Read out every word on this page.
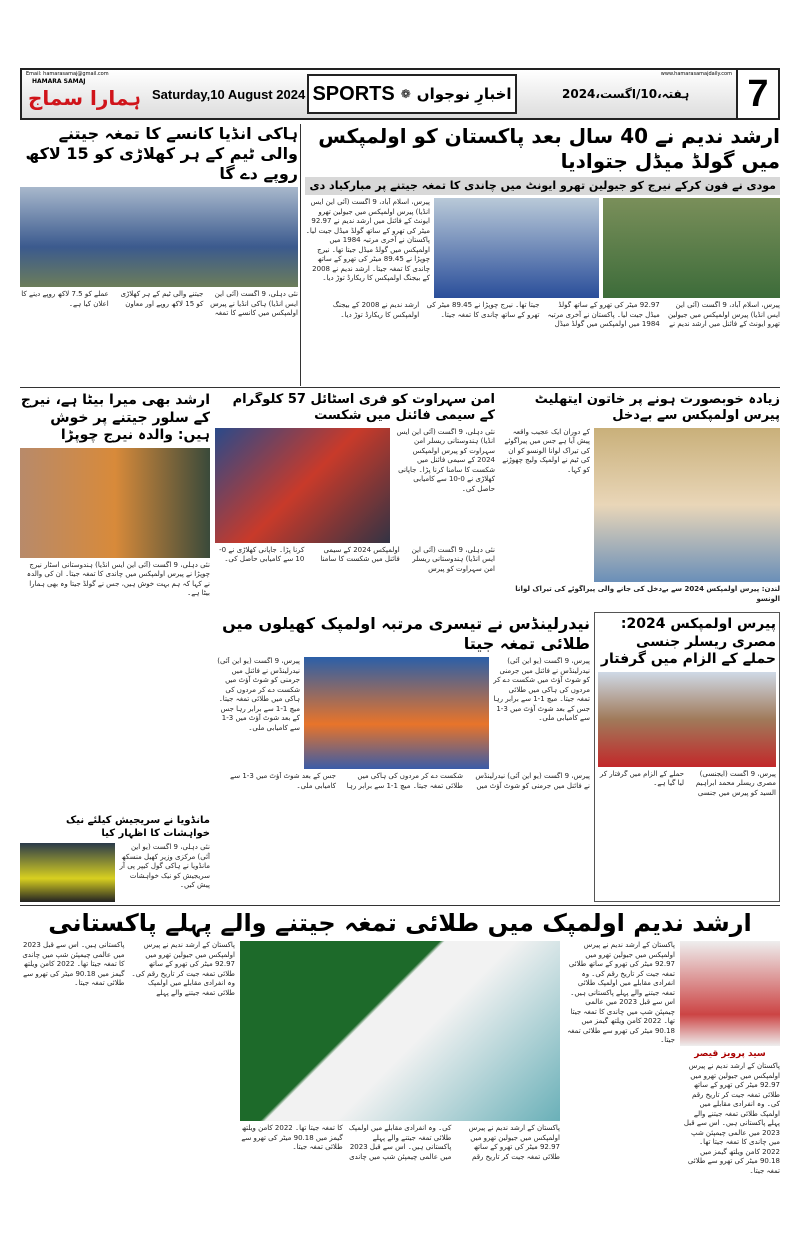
Email: hamarasamaj@gmail.com
HAMARA SAMAJ
ہمارا سماج Saturday,10 August 2024 SPORTS ❁ اخبارِ نوجواں	ہفتہ،10/اگست،2024
www.hamarasamajdaily.com 7
ارشد ندیم نے 40 سال بعد پاکستان کو اولمپکس میں گولڈ میڈل جتوادیا
مودی نے فون کرکے نیرج کو جیولین تھرو ایونٹ میں چاندی کا تمغہ جیتنے پر مبارکباد دی
پیرس، اسلام آباد، 9 اگست (آئی این ایس انڈیا) پیرس اولمپکس میں جیولین تھرو ایونٹ کے فائنل میں ارشد ندیم نے 92.97 میٹر کی تھرو کے ساتھ گولڈ میڈل جیت لیا۔ پاکستان نے آخری مرتبہ 1984 میں اولمپکس میں گولڈ میڈل جیتا تھا۔ نیرج چوپڑا نے 89.45 میٹر کی تھرو کے ساتھ چاندی کا تمغہ جیتا۔ ارشد ندیم نے 2008 کے بیجنگ اولمپکس کا ریکارڈ توڑ دیا۔
پیرس، اسلام آباد، 9 اگست (آئی این ایس انڈیا) پیرس اولمپکس میں جیولین تھرو ایونٹ کے فائنل میں ارشد ندیم نے 92.97 میٹر کی تھرو کے ساتھ گولڈ میڈل جیت لیا۔ پاکستان نے آخری مرتبہ 1984 میں اولمپکس میں گولڈ میڈل جیتا تھا۔ نیرج چوپڑا نے 89.45 میٹر کی تھرو کے ساتھ چاندی کا تمغہ جیتا۔ ارشد ندیم نے 2008 کے بیجنگ اولمپکس کا ریکارڈ توڑ دیا۔
ہاکی انڈیا کانسے کا تمغہ جیتنے والی ٹیم کے ہر کھلاڑی کو 15 لاکھ روپے دے گا
نئی دہلی، 9 اگست (آئی این ایس انڈیا) ہاکی انڈیا نے پیرس اولمپکس میں کانسے کا تمغہ جیتنے والی ٹیم کے ہر کھلاڑی کو 15 لاکھ روپے اور معاون عملے کو 7.5 لاکھ روپے دینے کا اعلان کیا ہے۔
زیادہ خوبصورت ہونے پر خاتون ایتھلیٹ پیرس اولمپکس سے بےدخل
کے دوران ایک عجیب واقعہ پیش آیا ہے جس میں پیراگوئے کی تیراک لوانا الونسو کو ان کی ٹیم نے اولمپک ولیج چھوڑنے کو کہا۔
لندن: پیرس اولمپکس 2024 سے بےدخل کی جانے والی پیراگوئے کی تیراک لوانا الونسو
امن سہراوت کو فری اسٹائل 57 کلوگرام کے سیمی فائنل میں شکست
نئی دہلی، 9 اگست (آئی این ایس انڈیا) ہندوستانی ریسلر امن سہراوت کو پیرس اولمپکس 2024 کے سیمی فائنل میں شکست کا سامنا کرنا پڑا۔ جاپانی کھلاڑی نے 0-10 سے کامیابی حاصل کی۔
نئی دہلی، 9 اگست (آئی این ایس انڈیا) ہندوستانی ریسلر امن سہراوت کو پیرس اولمپکس 2024 کے سیمی فائنل میں شکست کا سامنا کرنا پڑا۔ جاپانی کھلاڑی نے 0-10 سے کامیابی حاصل کی۔
ارشد بھی میرا بیٹا ہے، نیرج کے سلور جیتنے پر خوش ہیں: والدہ نیرج چوپڑا
نئی دہلی، 9 اگست (آئی این ایس انڈیا) ہندوستانی اسٹار نیرج چوپڑا نے پیرس اولمپکس میں چاندی کا تمغہ جیتا۔ ان کی والدہ نے کہا کہ ہم بہت خوش ہیں، جس نے گولڈ جیتا وہ بھی ہمارا بیٹا ہے۔
نیدرلینڈس نے تیسری مرتبہ اولمپک کھیلوں میں طلائی تمغہ جیتا
پیرس، 9 اگست (یو این آئی) نیدرلینڈس نے فائنل میں جرمنی کو شوٹ آؤٹ میں شکست دے کر مردوں کی ہاکی میں طلائی تمغہ جیتا۔ میچ 1-1 سے برابر رہا جس کے بعد شوٹ آؤٹ میں 3-1 سے کامیابی ملی۔
پیرس، 9 اگست (یو این آئی) نیدرلینڈس نے فائنل میں جرمنی کو شوٹ آؤٹ میں شکست دے کر مردوں کی ہاکی میں طلائی تمغہ جیتا۔ میچ 1-1 سے برابر رہا جس کے بعد شوٹ آؤٹ میں 3-1 سے کامیابی ملی۔
پیرس، 9 اگست (یو این آئی) نیدرلینڈس نے فائنل میں جرمنی کو شوٹ آؤٹ میں شکست دے کر مردوں کی ہاکی میں طلائی تمغہ جیتا۔ میچ 1-1 سے برابر رہا جس کے بعد شوٹ آؤٹ میں 3-1 سے کامیابی ملی۔
پیرس اولمپکس 2024: مصری ریسلر جنسی حملے کے الزام میں گرفتار
پیرس، 9 اگست (ایجنسی) مصری ریسلر محمد ابراہیم السید کو پیرس میں جنسی حملے کے الزام میں گرفتار کر لیا گیا ہے۔
مانڈویا نے سریجیش کیلئے نیک خواہشات کا اظہار کیا
نئی دہلی، 9 اگست (یو این آئی) مرکزی وزیر کھیل منسکھ مانڈویا نے ہاکی گول کیپر پی آر سریجیش کو نیک خواہشات پیش کیں۔
ارشد ندیم اولمپک میں طلائی تمغہ جیتنے والے پہلے پاکستانی
پاکستان کے ارشد ندیم نے پیرس اولمپکس میں جیولین تھرو میں 92.97 میٹر کی تھرو کے ساتھ طلائی تمغہ جیت کر تاریخ رقم کی۔ وہ انفرادی مقابلے میں اولمپک طلائی تمغہ جیتنے والے پہلے پاکستانی ہیں۔ اس سے قبل 2023 میں عالمی چیمپئن شپ میں چاندی کا تمغہ جیتا تھا۔ 2022 کامن ویلتھ گیمز میں 90.18 میٹر کی تھرو سے طلائی تمغہ جیتا۔
پاکستان کے ارشد ندیم نے پیرس اولمپکس میں جیولین تھرو میں 92.97 میٹر کی تھرو کے ساتھ طلائی تمغہ جیت کر تاریخ رقم کی۔ وہ انفرادی مقابلے میں اولمپک طلائی تمغہ جیتنے والے پہلے پاکستانی ہیں۔ اس سے قبل 2023 میں عالمی چیمپئن شپ میں چاندی کا تمغہ جیتا تھا۔ 2022 کامن ویلتھ گیمز میں 90.18 میٹر کی تھرو سے طلائی تمغہ جیتا۔
پاکستان کے ارشد ندیم نے پیرس اولمپکس میں جیولین تھرو میں 92.97 میٹر کی تھرو کے ساتھ طلائی تمغہ جیت کر تاریخ رقم کی۔ وہ انفرادی مقابلے میں اولمپک طلائی تمغہ جیتنے والے پہلے پاکستانی ہیں۔ اس سے قبل 2023 میں عالمی چیمپئن شپ میں چاندی کا تمغہ جیتا تھا۔ 2022 کامن ویلتھ گیمز میں 90.18 میٹر کی تھرو سے طلائی تمغہ جیتا۔
سید پرویز قیصر
پاکستان کے ارشد ندیم نے پیرس اولمپکس میں جیولین تھرو میں 92.97 میٹر کی تھرو کے ساتھ طلائی تمغہ جیت کر تاریخ رقم کی۔ وہ انفرادی مقابلے میں اولمپک طلائی تمغہ جیتنے والے پہلے پاکستانی ہیں۔ اس سے قبل 2023 میں عالمی چیمپئن شپ میں چاندی کا تمغہ جیتا تھا۔ 2022 کامن ویلتھ گیمز میں 90.18 میٹر کی تھرو سے طلائی تمغہ جیتا۔
